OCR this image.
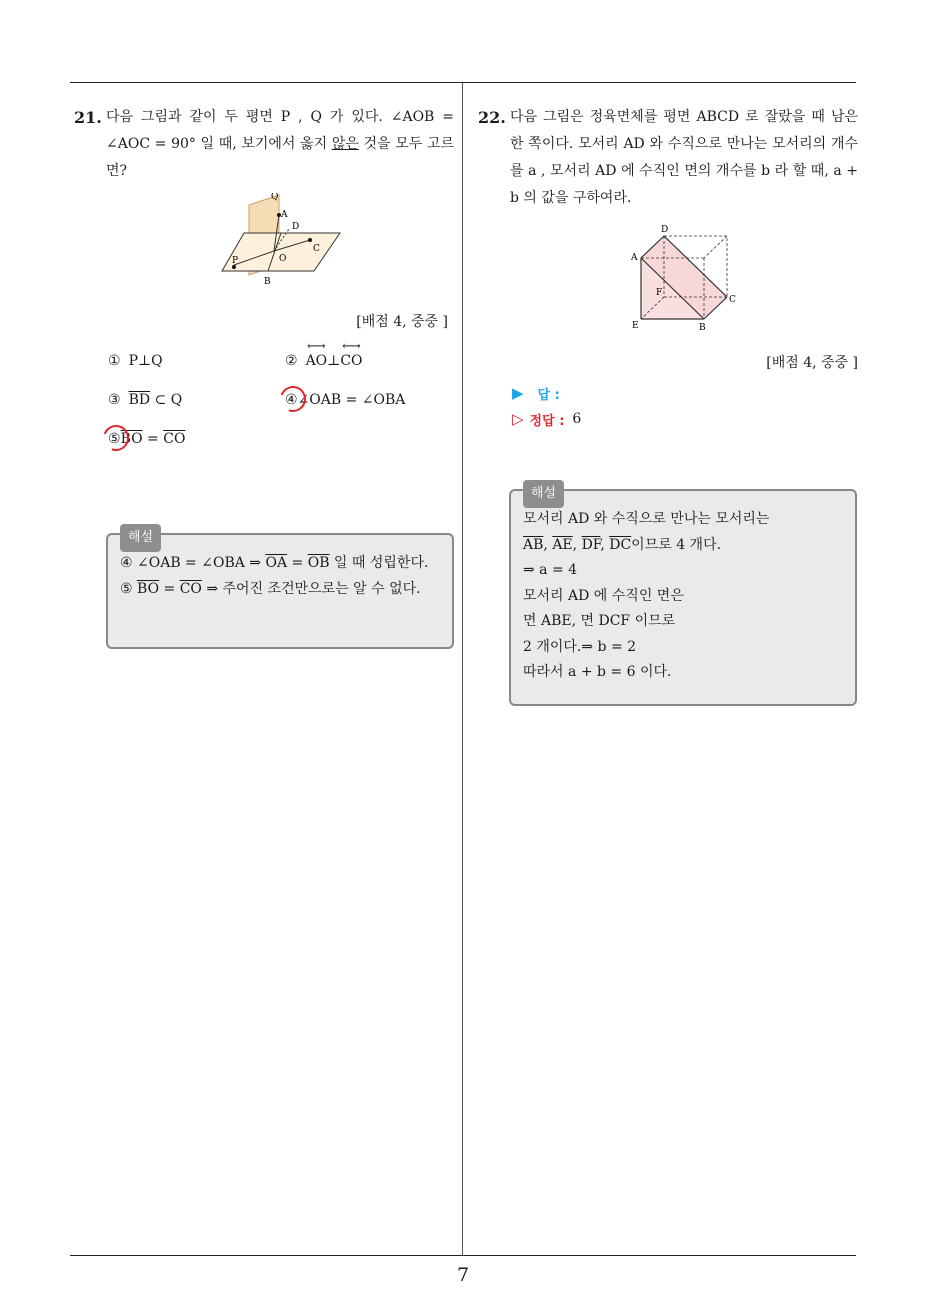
21. 다음 그림과 같이 두 평면 P , Q 가 있다. ∠AOB = ∠AOC = 90° 일 때, 보기에서 옳지 않은 것을 모두 고르면?
Q
A
D
C
P	O
B
[배점 4, 중중 ]
① P⊥Q	② ⟷ AO ⊥ ⟷ CO
③ $\overline{BD}$ ⊂ Q	④ ∠OAB = ∠OBA
⑤ $\overline{BO} = \overline{CO}$
해설
④ ∠OAB = ∠OBA ⇒ $\overline{OA} = \overline{OB}$ 일 때 성립한다.
⑤ $\overline{BO} = \overline{CO}$ ⇒ 주어진 조건만으로는 알 수 없다.
22. 다음 그림은 정육면체를 평면 ABCD 로 잘랐을 때 남은 한 쪽이다. 모서리 AD 와 수직으로 만나는 모서리의 개수를 a , 모서리 AD 에 수직인 면의 개수를 b 라 할 때, a + b 의 값을 구하여라.
D
A
F
C
E	B
[배점 4, 중중 ]
▶ 답 :
▷ 정답 : 6
해설
모서리 AD 와 수직으로 만나는 모서리는
$\overline{AB}$, $\overline{AE}$, $\overline{DF}$, $\overline{DC}$이므로 4 개다.
⇒ a = 4
모서리 AD 에 수직인 면은
면 ABE, 면 DCF 이므로
2 개이다.⇒ b = 2
따라서 a + b = 6 이다.
7
